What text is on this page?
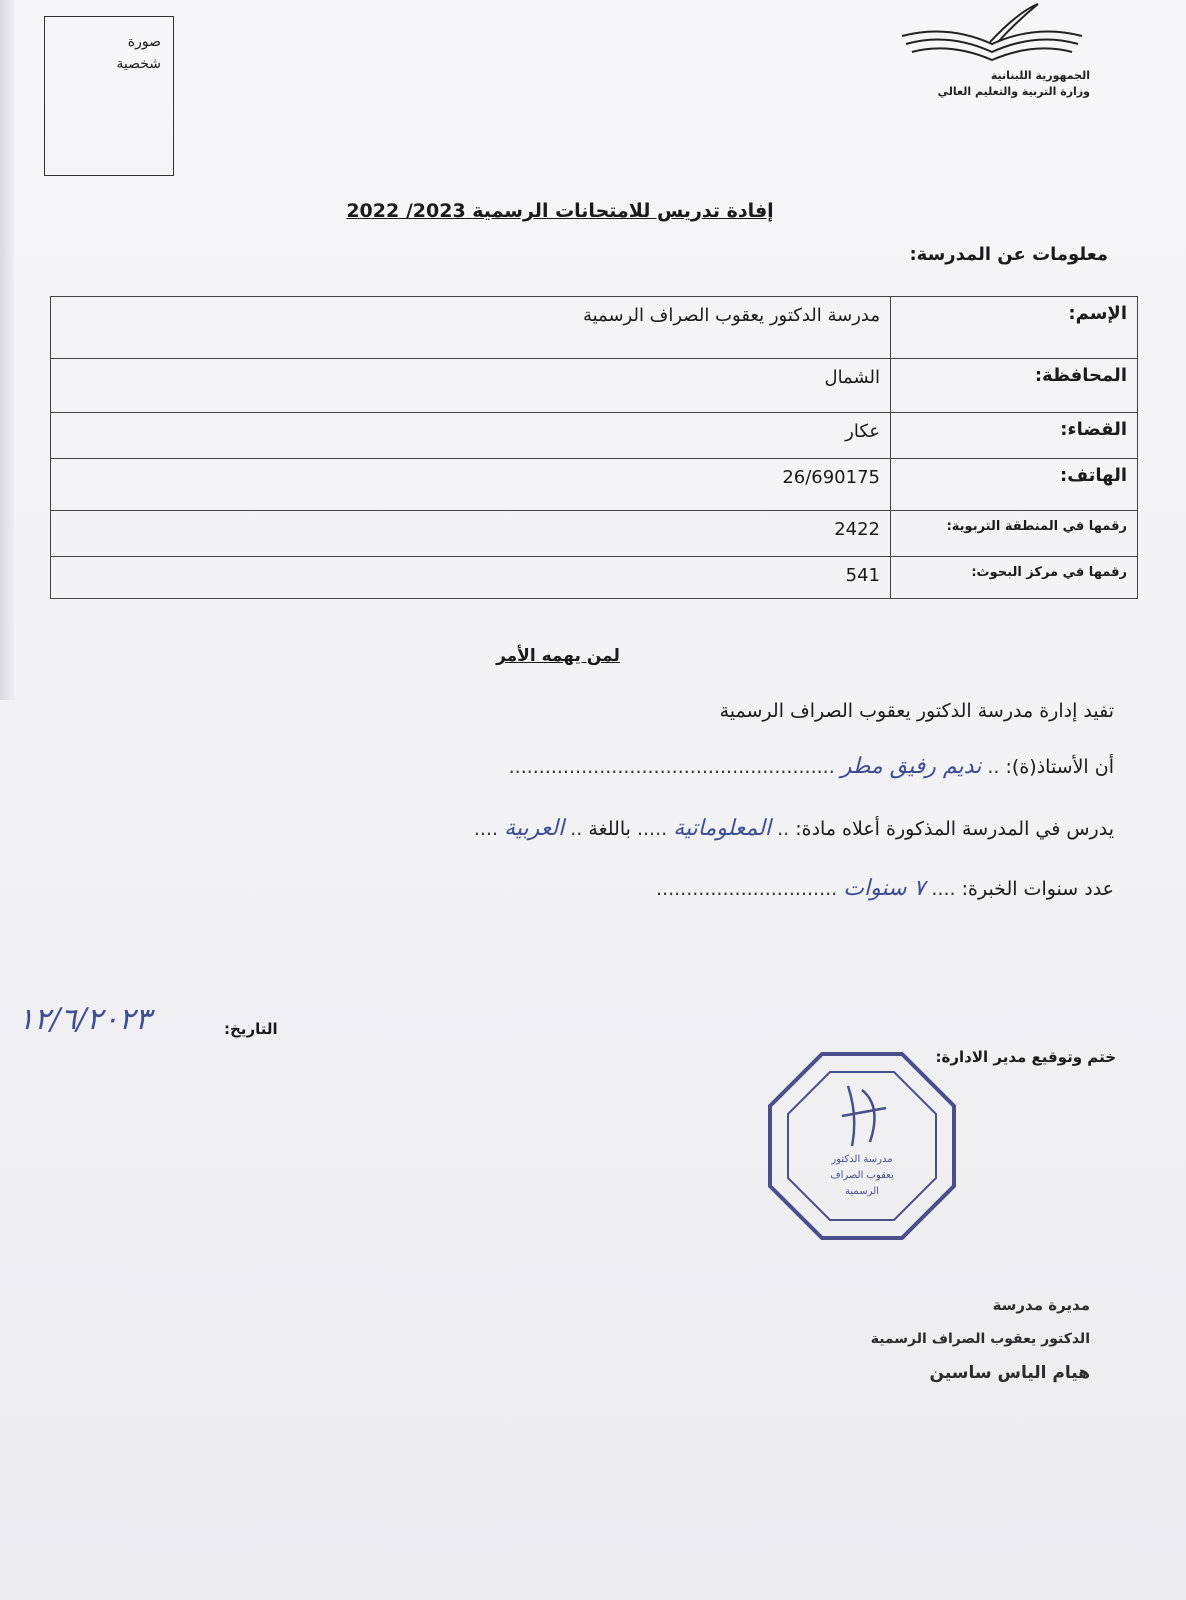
صورة
شخصية
الجمهورية اللبنانية
وزارة التربية والتعليم العالي
إفادة تدريس للامتحانات الرسمية 2023/ 2022
معلومات عن المدرسة:
الإسم:	مدرسة الدكتور يعقوب الصراف الرسمية
المحافظة:	الشمال
القضاء:	عكار
الهاتف:	26/690175
رقمها في المنطقة التربوية:	2422
رقمها في مركز البحوث:	541
لمن يهمه الأمر
تفيد إدارة مدرسة الدكتور يعقوب الصراف الرسمية
أن الأستاذ(ة): .. نديم رفيق مطر ......................................................
يدرس في المدرسة المذكورة أعلاه مادة: .. المعلوماتية ..... باللغة .. العربية ....
عدد سنوات الخبرة: .... ٧ سنوات ..............................
التاريخ:
١٢/٦/٢٠٢٣
ختم وتوقيع مدير الادارة:
مدرسة الدكتور
يعقوب الصراف
الرسمية
مديرة مدرسة
الدكتور يعقوب الصراف الرسمية
هيام الياس ساسين
